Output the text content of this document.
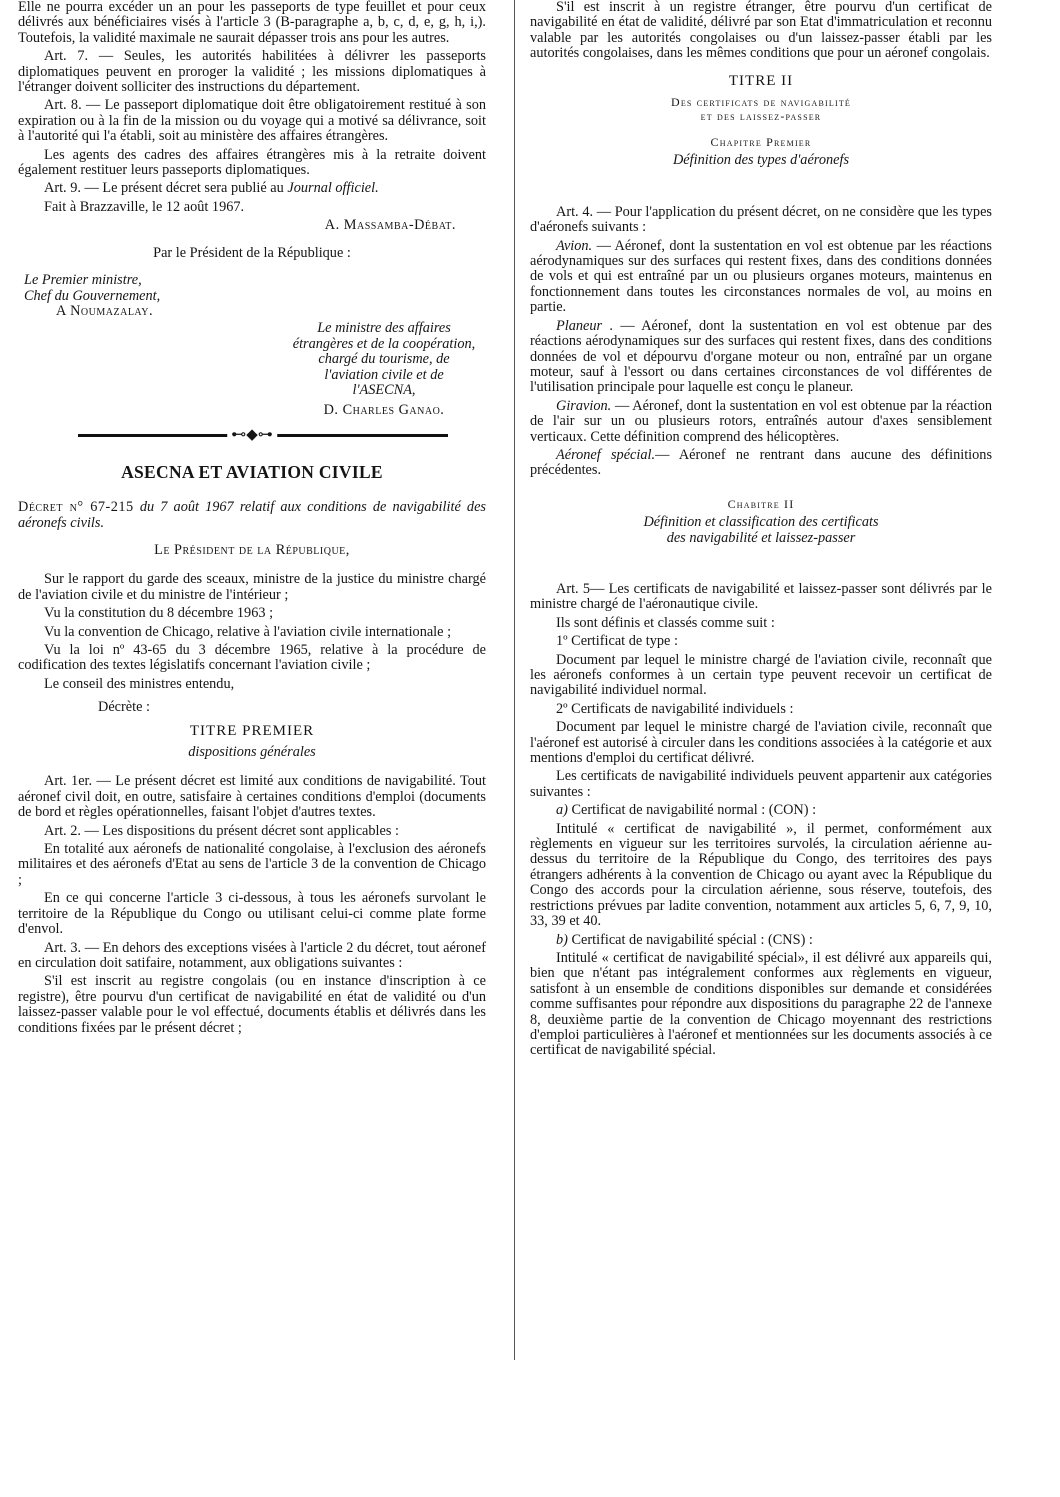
Elle ne pourra excéder un an pour les passeports de type feuillet et pour ceux délivrés aux bénéficiaires visés à l'article 3 (B-paragraphe a, b, c, d, e, g, h, i,). Toutefois, la validité maximale ne saurait dépasser trois ans pour les autres.

Art. 7. — Seules, les autorités habilitées à délivrer les passeports diplomatiques peuvent en proroger la validité ; les missions diplomatiques à l'étranger doivent solliciter des instructions du département.

Art. 8. — Le passeport diplomatique doit être obligatoirement restitué à son expiration ou à la fin de la mission ou du voyage qui a motivé sa délivrance, soit à l'autorité qui l'a établi, soit au ministère des affaires étrangères.

Les agents des cadres des affaires étrangères mis à la retraite doivent également restituer leurs passeports diplomatiques.

Art. 9. — Le présent décret sera publié au Journal officiel.

Fait à Brazzaville, le 12 août 1967.

A. Massamba-Débat.

Par le Président de la République :

Le Premier ministre,
Chef du Gouvernement,
A Noumazalay.
Le ministre des affaires
étrangères et de la coopération, chargé du tourisme, de
l'aviation civile et de
l'ASECNA,
D. Charles Ganao.
⊷◆⊶
ASECNA ET AVIATION CIVILE

Décret n° 67-215 du 7 août 1967 relatif aux conditions de navigabilité des aéronefs civils.

Le Président de la République,

Sur le rapport du garde des sceaux, ministre de la justice du ministre chargé de l'aviation civile et du ministre de l'intérieur ;

Vu la constitution du 8 décembre 1963 ;

Vu la convention de Chicago, relative à l'aviation civile internationale ;

Vu la loi nº 43-65 du 3 décembre 1965, relative à la procédure de codification des textes législatifs concernant l'aviation civile ;

Le conseil des ministres entendu,

Décrète :

TITRE PREMIER
dispositions générales

Art. 1er. — Le présent décret est limité aux conditions de navigabilité. Tout aéronef civil doit, en outre, satisfaire à certaines conditions d'emploi (documents de bord et règles opérationnelles, faisant l'objet d'autres textes.

Art. 2. — Les dispositions du présent décret sont applicables :

En totalité aux aéronefs de nationalité congolaise, à l'exclusion des aéronefs militaires et des aéronefs d'Etat au sens de l'article 3 de la convention de Chicago ;

En ce qui concerne l'article 3 ci-dessous, à tous les aéronefs survolant le territoire de la République du Congo ou utilisant celui-ci comme plate forme d'envol.

Art. 3. — En dehors des exceptions visées à l'article 2 du décret, tout aéronef en circulation doit satifaire, notamment, aux obligations suivantes :

S'il est inscrit au registre congolais (ou en instance d'inscription à ce registre), être pourvu d'un certificat de navigabilité en état de validité ou d'un laissez-passer valable pour le vol effectué, documents établis et délivrés dans les conditions fixées par le présent décret ;

S'il est inscrit à un registre étranger, être pourvu d'un certificat de navigabilité en état de validité, délivré par son Etat d'immatriculation et reconnu valable par les autorités congolaises ou d'un laissez-passer établi par les autorités congolaises, dans les mêmes conditions que pour un aéronef congolais.

TITRE II
Des certificats de navigabilité
et des laissez-passer
Chapitre Premier
Définition des types d'aéronefs

Art. 4. — Pour l'application du présent décret, on ne considère que les types d'aéronefs suivants :

Avion. — Aéronef, dont la sustentation en vol est obtenue par les réactions aérodynamiques sur des surfaces qui restent fixes, dans des conditions données de vols et qui est entraîné par un ou plusieurs organes moteurs, maintenus en fonctionnement dans toutes les circonstances normales de vol, au moins en partie.

Planeur . — Aéronef, dont la sustentation en vol est obtenue par des réactions aérodynamiques sur des surfaces qui restent fixes, dans des conditions données de vol et dépourvu d'organe moteur ou non, entraîné par un organe moteur, sauf à l'essort ou dans certaines circonstances de vol différentes de l'utilisation principale pour laquelle est conçu le planeur.

Giravion. — Aéronef, dont la sustentation en vol est obtenue par la réaction de l'air sur un ou plusieurs rotors, entraînés autour d'axes sensiblement verticaux. Cette définition comprend des hélicoptères.

Aéronef spécial.— Aéronef ne rentrant dans aucune des définitions précédentes.

Chabitre II
Définition et classification des certificats
des navigabilité et laissez-passer

Art. 5— Les certificats de navigabilité et laissez-passer sont délivrés par le ministre chargé de l'aéronautique civile.

Ils sont définis et classés comme suit :

1º Certificat de type :

Document par lequel le ministre chargé de l'aviation civile, reconnaît que les aéronefs conformes à un certain type peuvent recevoir un certificat de navigabilité individuel normal.

2º Certificats de navigabilité individuels :

Document par lequel le ministre chargé de l'aviation civile, reconnaît que l'aéronef est autorisé à circuler dans les conditions associées à la catégorie et aux mentions d'emploi du certificat délivré.

Les certificats de navigabilité individuels peuvent appartenir aux catégories suivantes :

a) Certificat de navigabilité normal : (CON) :

Intitulé « certificat de navigabilité », il permet, conformément aux règlements en vigueur sur les territoires survolés, la circulation aérienne au-dessus du territoire de la République du Congo, des territoires des pays étrangers adhérents à la convention de Chicago ou ayant avec la République du Congo des accords pour la circulation aérienne, sous réserve, toutefois, des restrictions prévues par ladite convention, notamment aux articles 5, 6, 7, 9, 10, 33, 39 et 40.

b) Certificat de navigabilité spécial : (CNS) :

Intitulé « certificat de navigabilité spécial», il est délivré aux appareils qui, bien que n'étant pas intégralement conformes aux règlements en vigueur, satisfont à un ensemble de conditions disponibles sur demande et considérées comme suffisantes pour répondre aux dispositions du paragraphe 22 de l'annexe 8, deuxième partie de la convention de Chicago moyennant des restrictions d'emploi particulières à l'aéronef et mentionnées sur les documents associés à ce certificat de navigabilité spécial.
